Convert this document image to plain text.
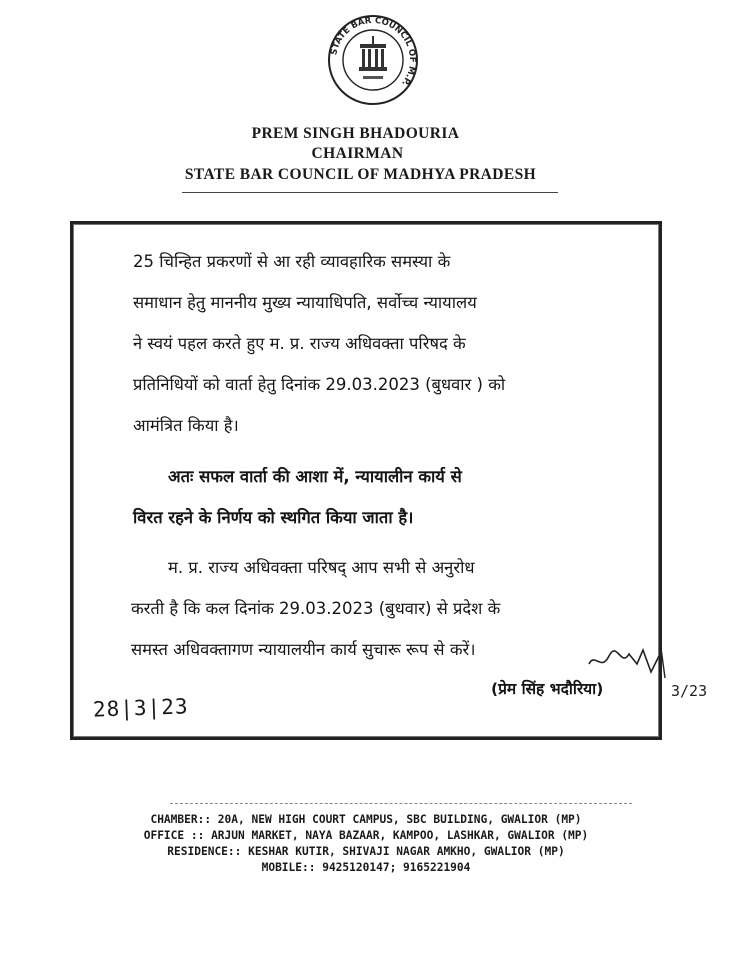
STATE BAR COUNCIL OF M.P.
PREM SINGH BHADOURIA
CHAIRMAN
STATE BAR COUNCIL OF MADHYA PRADESH
25 चिन्हित प्रकरणों से आ रही व्यावहारिक समस्या के
समाधान हेतु माननीय मुख्य न्यायाधिपति, सर्वोच्च न्यायालय
ने स्वयं पहल करते हुए म. प्र. राज्य अधिवक्ता परिषद के
प्रतिनिधियों को वार्ता हेतु दिनांक 29.03.2023 (बुधवार ) को
आमंत्रित किया है।
अतः सफल वार्ता की आशा में, न्यायालीन कार्य से
विरत रहने के निर्णय को स्थगित किया जाता है।
म. प्र. राज्य अधिवक्ता परिषद् आप सभी से अनुरोध
करती है कि कल दिनांक 29.03.2023 (बुधवार) से प्रदेश के
समस्त अधिवक्तागण न्यायालयीन कार्य सुचारू रूप से करें।
(प्रेम सिंह भदौरिया)	3/23
28|3|23
CHAMBER:: 20A, NEW HIGH COURT CAMPUS, SBC BUILDING, GWALIOR (MP)
OFFICE :: ARJUN MARKET, NAYA BAZAAR, KAMPOO, LASHKAR, GWALIOR (MP)
RESIDENCE:: KESHAR KUTIR, SHIVAJI NAGAR AMKHO, GWALIOR (MP)
MOBILE:: 9425120147; 9165221904
